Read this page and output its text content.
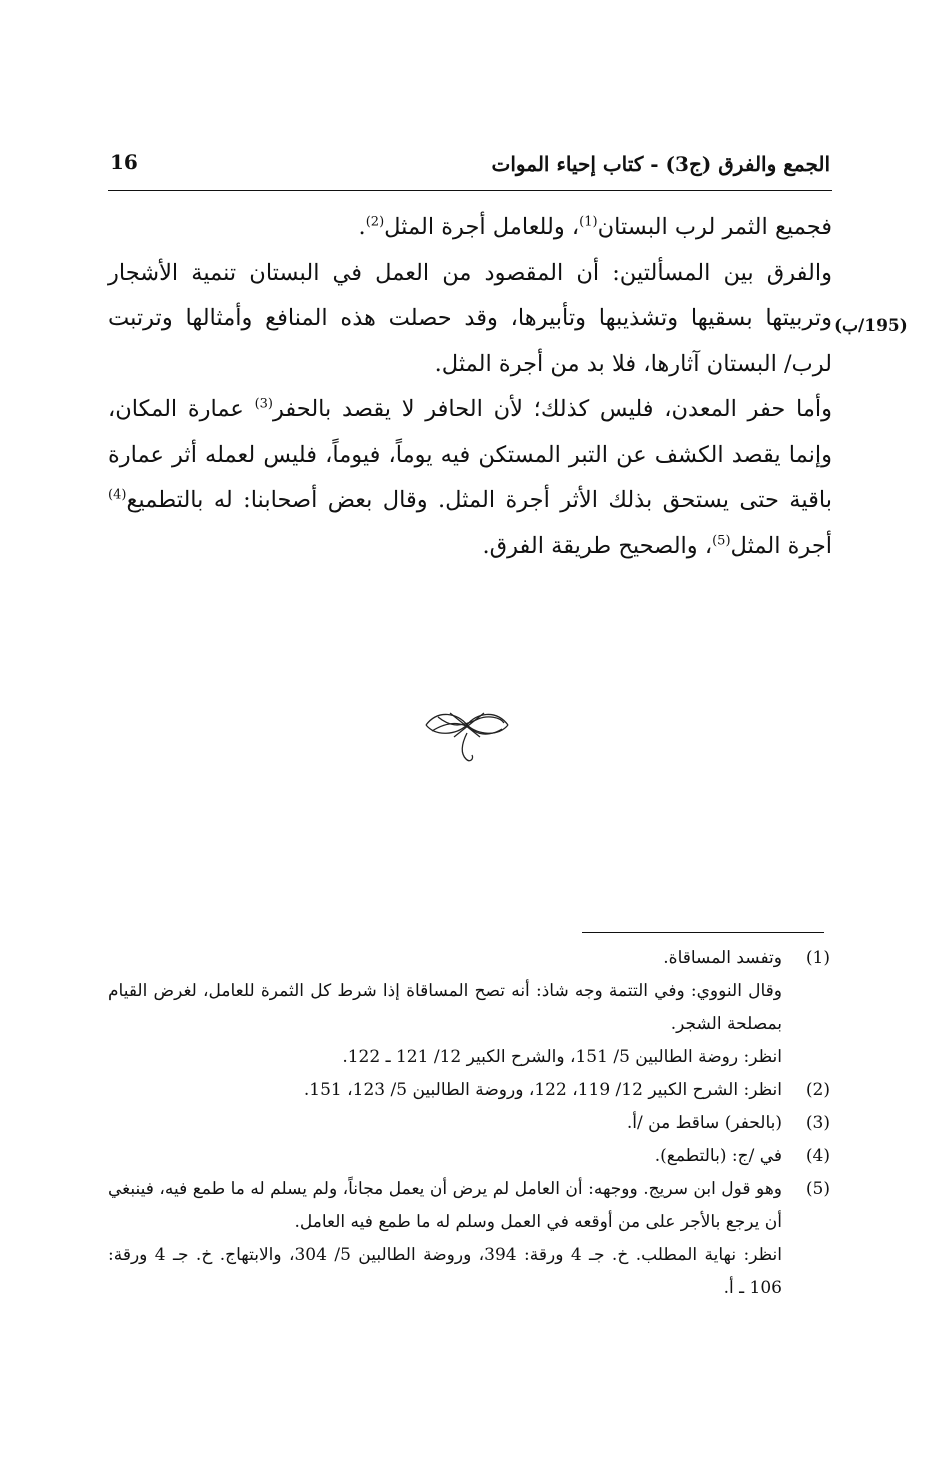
الجمع والفرق (ج3) - كتاب إحياء الموات
16
(195/ب)

فجميع الثمر لرب البستان$^{(1)}$، وللعامل أجرة المثل$^{(2)}$.

والفرق بين المسألتين: أن المقصود من العمل في البستان تنمية الأشجار وتربيتها بسقيها وتشذيبها وتأبيرها، وقد حصلت هذه المنافع وأمثالها وترتبت لرب/ البستان آثارها، فلا بد من أجرة المثل.

وأما حفر المعدن، فليس كذلك؛ لأن الحافر لا يقصد بالحفر$^{(3)}$ عمارة المكان، وإنما يقصد الكشف عن التبر المستكن فيه يوماً، فيوماً، فليس لعمله أثر عمارة باقية حتى يستحق بذلك الأثر أجرة المثل. وقال بعض أصحابنا: له بالتطميع$^{(4)}$ أجرة المثل$^{(5)}$، والصحيح طريقة الفرق.

(1)
وتفسد المساقاة.
وقال النووي: وفي التتمة وجه شاذ: أنه تصح المساقاة إذا شرط كل الثمرة للعامل، لغرض القيام بمصلحة الشجر.
انظر: روضة الطالبين 5/ 151، والشرح الكبير 12/ 121 ـ 122.
(2)
انظر: الشرح الكبير 12/ 119، 122، وروضة الطالبين 5/ 123، 151.
(3)
(بالحفر) ساقط من /أ.
(4)
في /ج: (بالتطمع).
(5)
وهو قول ابن سريج. ووجهه: أن العامل لم يرض أن يعمل مجاناً، ولم يسلم له ما طمع فيه، فينبغي أن يرجع بالأجر على من أوقعه في العمل وسلم له ما طمع فيه العامل.
انظر: نهاية المطلب. خ. جـ 4 ورقة: 394، وروضة الطالبين 5/ 304، والابتهاج. خ. جـ 4 ورقة: 106 ـ أ.
